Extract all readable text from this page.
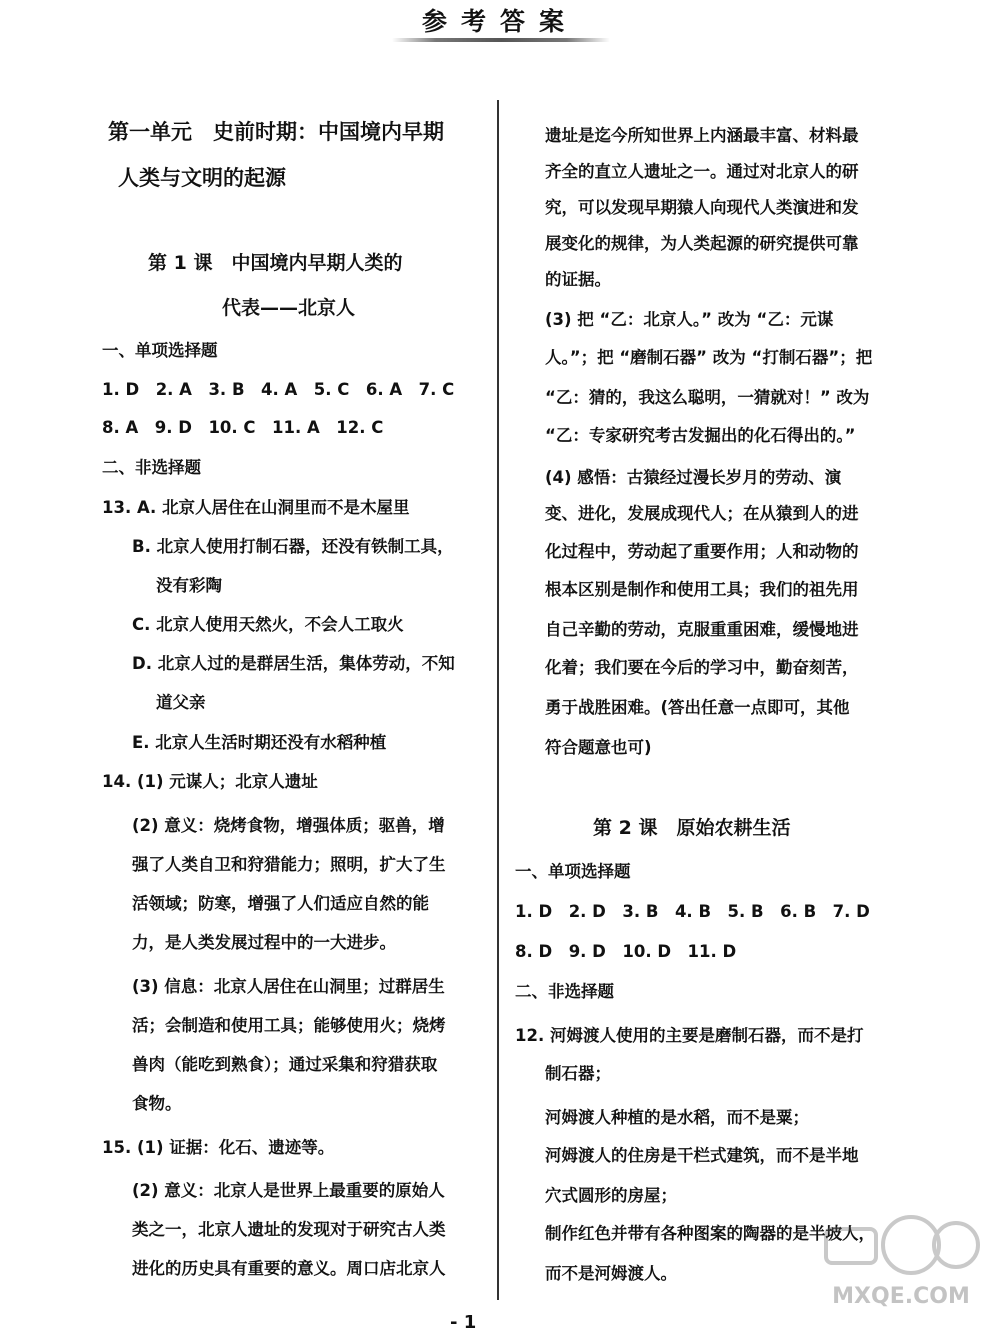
参考答案
第一单元　史前时期：中国境内早期
人类与文明的起源
第 1 课　中国境内早期人类的
代表——北京人
一、单项选择题
1. D　2. A　3. B　4. A　5. C　6. A　7. C
8. A　9. D　10. C　11. A　12. C
二、非选择题
13. A. 北京人居住在山洞里而不是木屋里
B. 北京人使用打制石器，还没有铁制工具，
没有彩陶
C. 北京人使用天然火，不会人工取火
D. 北京人过的是群居生活，集体劳动，不知
道父亲
E. 北京人生活时期还没有水稻种植
14. (1) 元谋人；北京人遗址
(2) 意义：烧烤食物，增强体质；驱兽，增
强了人类自卫和狩猎能力；照明，扩大了生
活领域；防寒，增强了人们适应自然的能
力，是人类发展过程中的一大进步。
(3) 信息：北京人居住在山洞里；过群居生
活；会制造和使用工具；能够使用火；烧烤
兽肉（能吃到熟食）；通过采集和狩猎获取
食物。
15. (1) 证据：化石、遗迹等。
(2) 意义：北京人是世界上最重要的原始人
类之一，北京人遗址的发现对于研究古人类
进化的历史具有重要的意义。周口店北京人
遗址是迄今所知世界上内涵最丰富、材料最
齐全的直立人遗址之一。通过对北京人的研
究，可以发现早期猿人向现代人类演进和发
展变化的规律，为人类起源的研究提供可靠
的证据。
(3) 把 “乙：北京人。” 改为 “乙：元谋
人。”；把 “磨制石器” 改为 “打制石器”；把
“乙：猜的，我这么聪明，一猜就对！” 改为
“乙：专家研究考古发掘出的化石得出的。”
(4) 感悟：古猿经过漫长岁月的劳动、演
变、进化，发展成现代人；在从猿到人的进
化过程中，劳动起了重要作用；人和动物的
根本区别是制作和使用工具；我们的祖先用
自己辛勤的劳动，克服重重困难，缓慢地进
化着；我们要在今后的学习中，勤奋刻苦，
勇于战胜困难。(答出任意一点即可，其他
符合题意也可)
第 2 课　原始农耕生活
一、单项选择题
1. D　2. D　3. B　4. B　5. B　6. B　7. D
8. D　9. D　10. D　11. D
二、非选择题
12. 河姆渡人使用的主要是磨制石器，而不是打
制石器；
河姆渡人种植的是水稻，而不是粟；
河姆渡人的住房是干栏式建筑，而不是半地
穴式圆形的房屋；
制作红色并带有各种图案的陶器的是半坡人，
而不是河姆渡人。
- 1
MXQE.COM
